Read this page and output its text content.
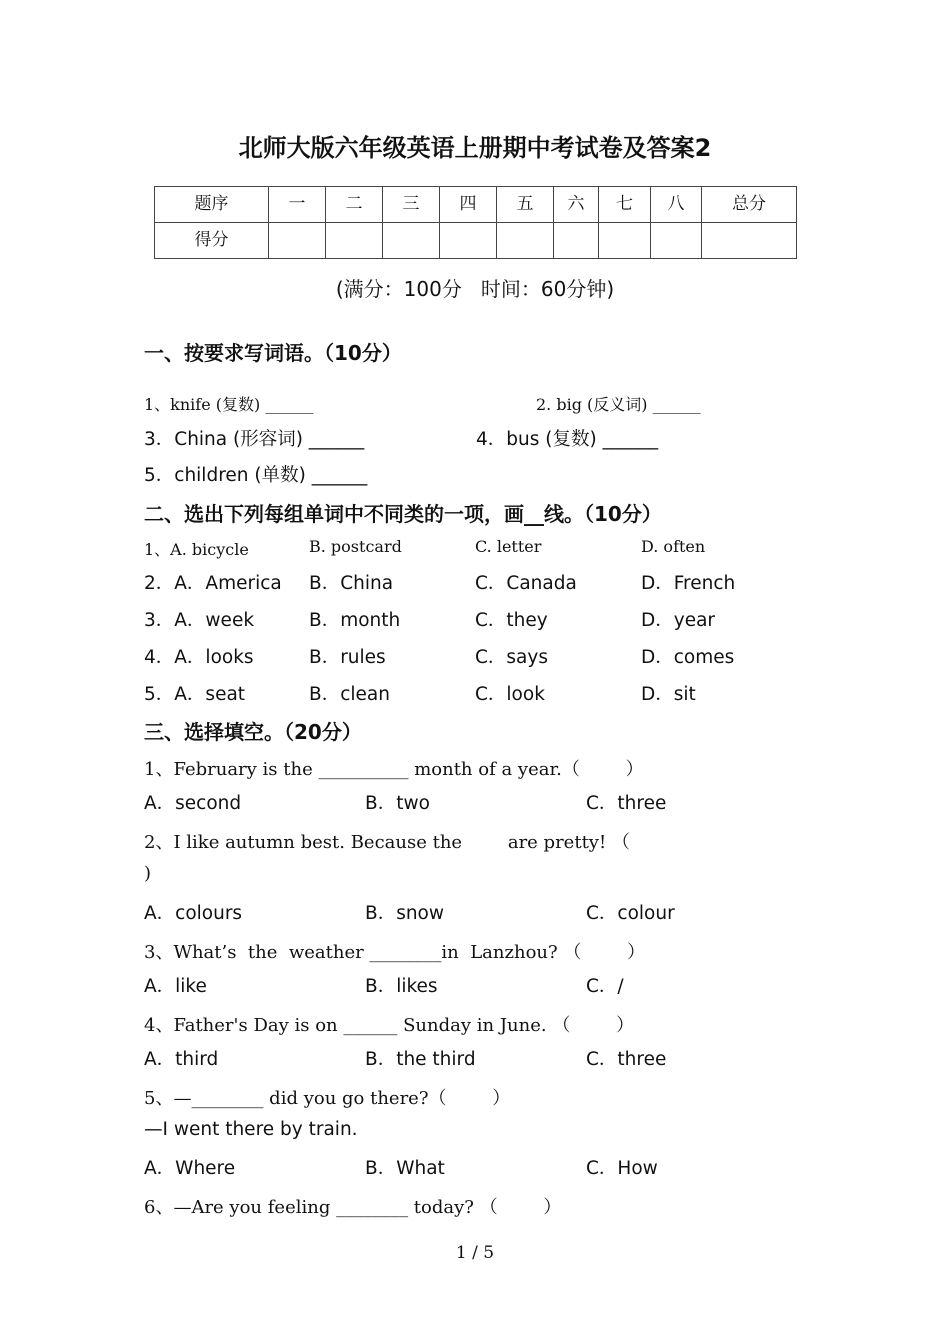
北师大版六年级英语上册期中考试卷及答案2
题序	一	二	三	四	五	六	七	八	总分
得分									
(满分：100分   时间：60分钟)
一、按要求写词语。（10分）
1、knife (复数) ______	2. big (反义词) ______
3．China (形容词) ______	4．bus (复数) ______
5．children (单数) ______
二、选出下列每组单词中不同类的一项，画__线。（10分）
1、A. bicycle	B. postcard	C. letter	D. often
2．A．America B．China	C．Canada	D．French
3．A．week	B．month	C．they	D．year
4．A．looks	B．rules	C．says	D．comes
5．A．seat	B．clean	C．look	D．sit
三、选择填空。（20分）
1、February is the __________ month of a year.（        ）
A．second	B．two	C．three
2、I like autumn best. Because the        are pretty! （
)
A．colours	B．snow	C．colour
3、What’s  the  weather ________in  Lanzhou? （        ）
A．like	B．likes	C．/
4、Father's Day is on ______ Sunday in June. （        ）
A．third	B．the third	C．three
5、—________ did you go there?（        ）
—I went there by train.
A．Where	B．What	C．How
6、—Are you feeling ________ today? （        ）
1 / 5
